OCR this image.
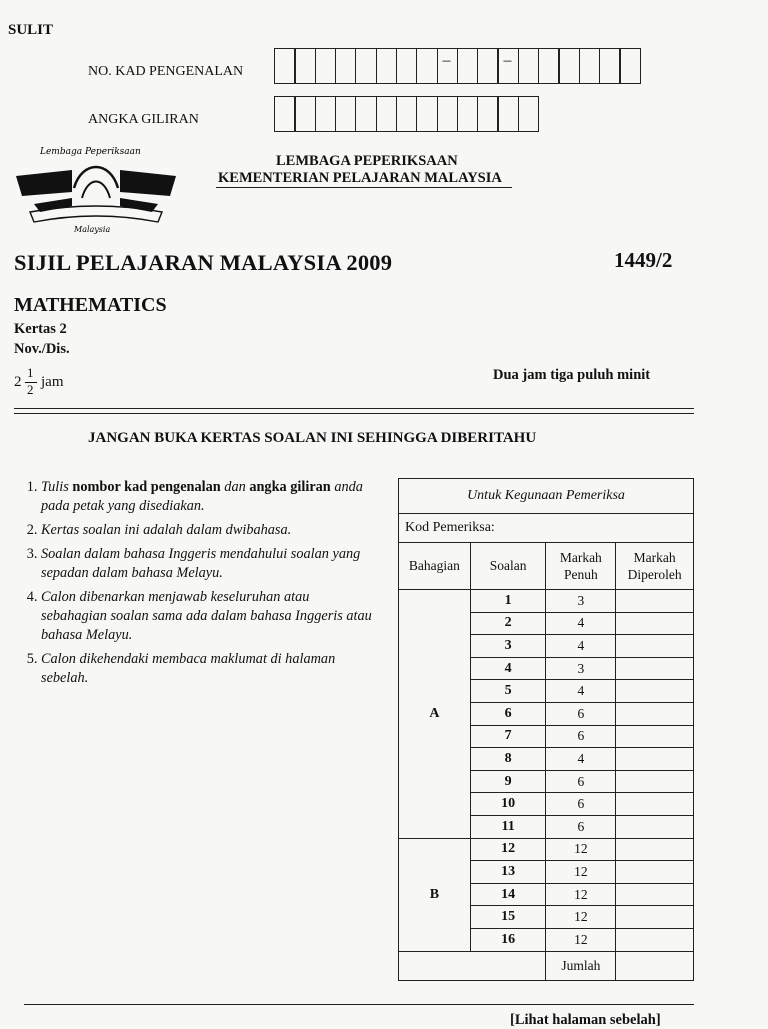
SULIT
NO. KAD PENGENALAN
–
–
ANGKA GILIRAN
Lembaga Peperiksaan
Malaysia
LEMBAGA PEPERIKSAAN
KEMENTERIAN PELAJARAN MALAYSIA
SIJIL PELAJARAN MALAYSIA 2009	1449/2
MATHEMATICS
Kertas 2
Nov./Dis.
2
1
2 jam	Dua jam tiga puluh minit
JANGAN BUKA KERTAS SOALAN INI SEHINGGA DIBERITAHU
1. Tulis nombor kad pengenalan dan angka giliran anda pada petak yang disediakan.
2. Kertas soalan ini adalah dalam dwibahasa.
3. Soalan dalam bahasa Inggeris mendahului soalan yang sepadan dalam bahasa Melayu.
4. Calon dibenarkan menjawab keseluruhan atau sebahagian soalan sama ada dalam bahasa Inggeris atau bahasa Melayu.
5. Calon dikehendaki membaca maklumat di halaman sebelah.
Untuk Kegunaan Pemeriksa			
Kod Pemeriksa:			
Bahagian	Soalan	Markah Penuh	Markah Diperoleh
A	1	3	
	2	4	
	3	4	
	4	3	
	5	4	
	6	6	
	7	6	
	8	4	
	9	6	
	10	6	
	11	6	
B	12	12	
	13	12	
	14	12	
	15	12	
	16	12	
		Jumlah	
[Lihat halaman sebelah]
